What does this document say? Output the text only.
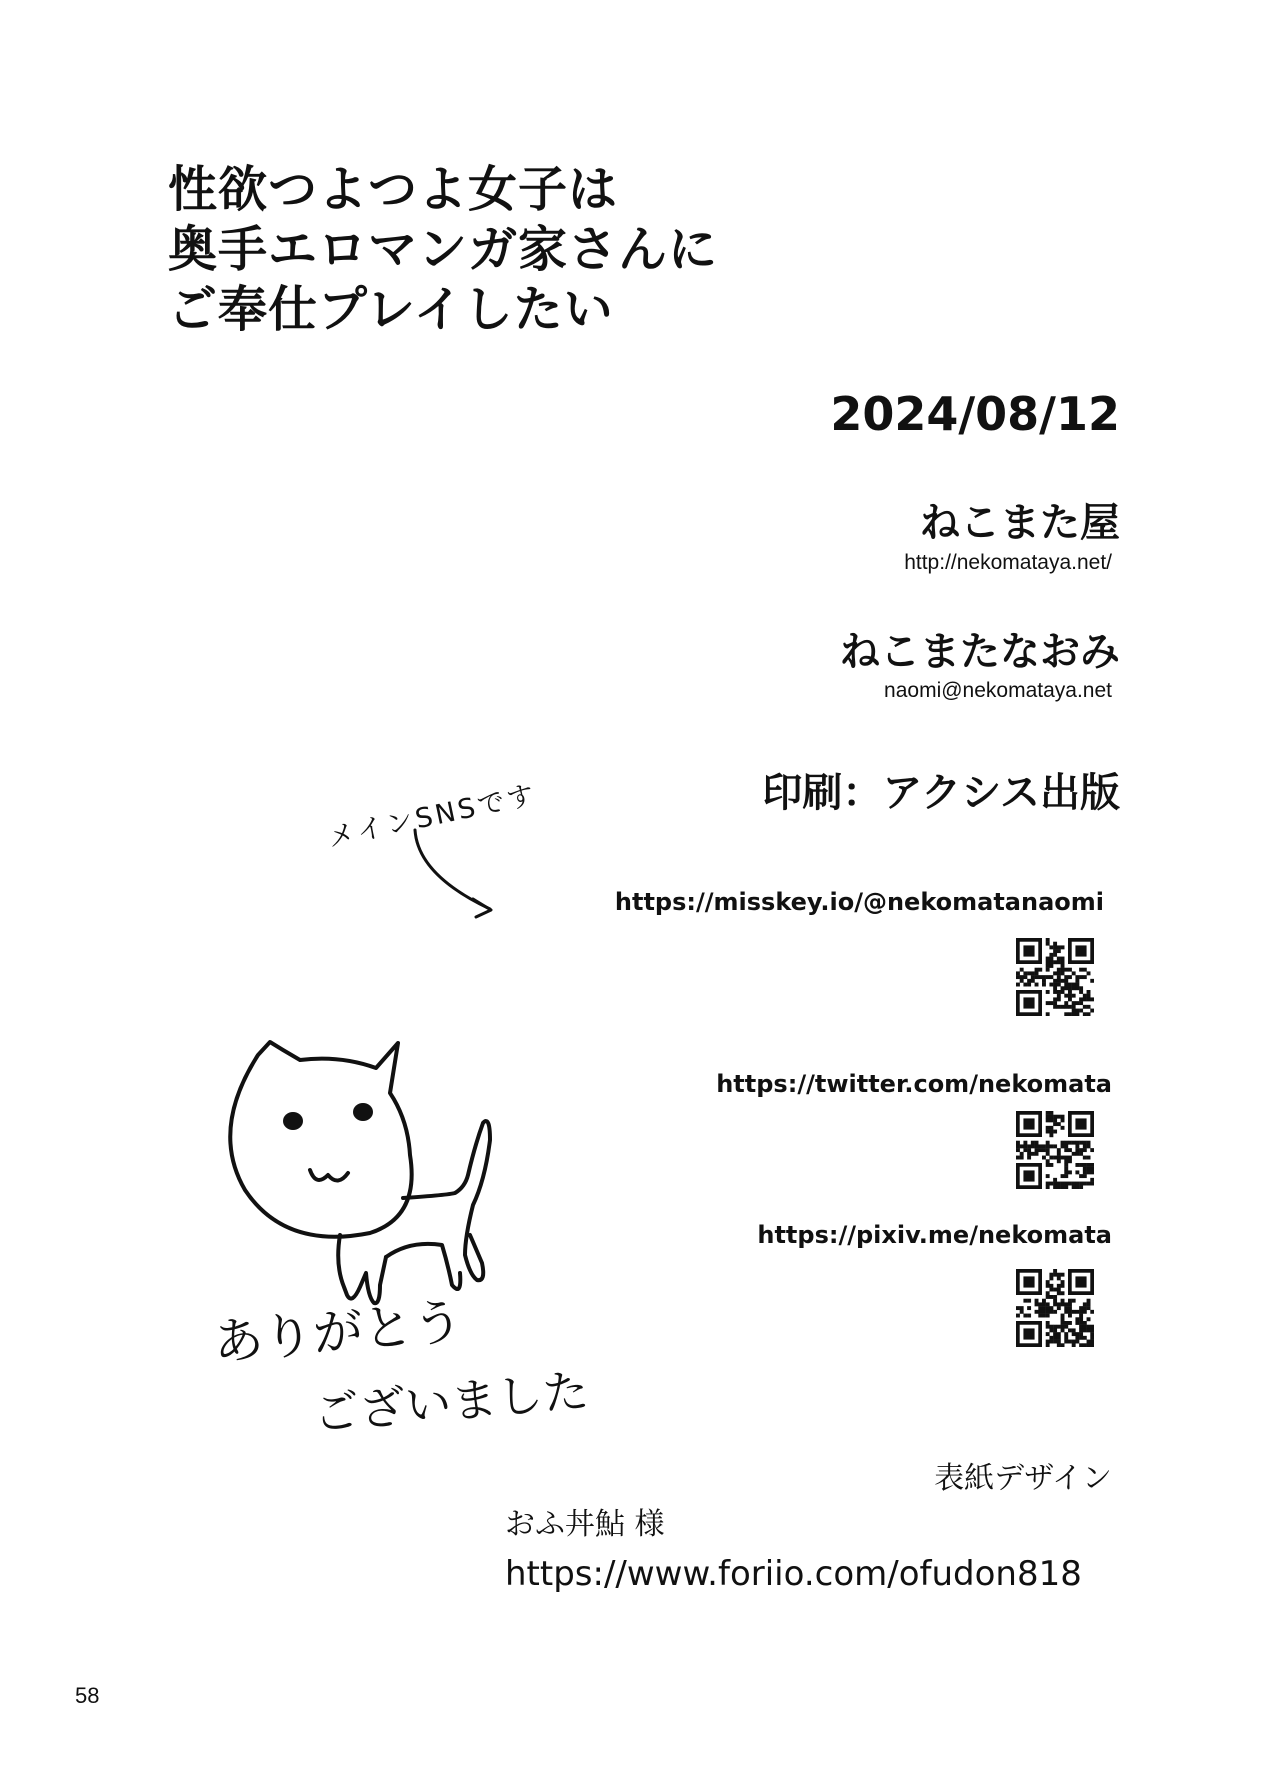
性欲つよつよ女子は
奥手エロマンガ家さんに
ご奉仕プレイしたい
2024/08/12
ねこまた屋
http://nekomataya.net/
ねこまたなおみ
naomi@nekomataya.net
印刷：アクシス出版
メインSNSです
ありがとう
ございました
https://misskey.io/@nekomatanaomi
https://twitter.com/nekomata
https://pixiv.me/nekomata
表紙デザイン
おふ丼鮎 様
https://www.foriio.com/ofudon818
58
